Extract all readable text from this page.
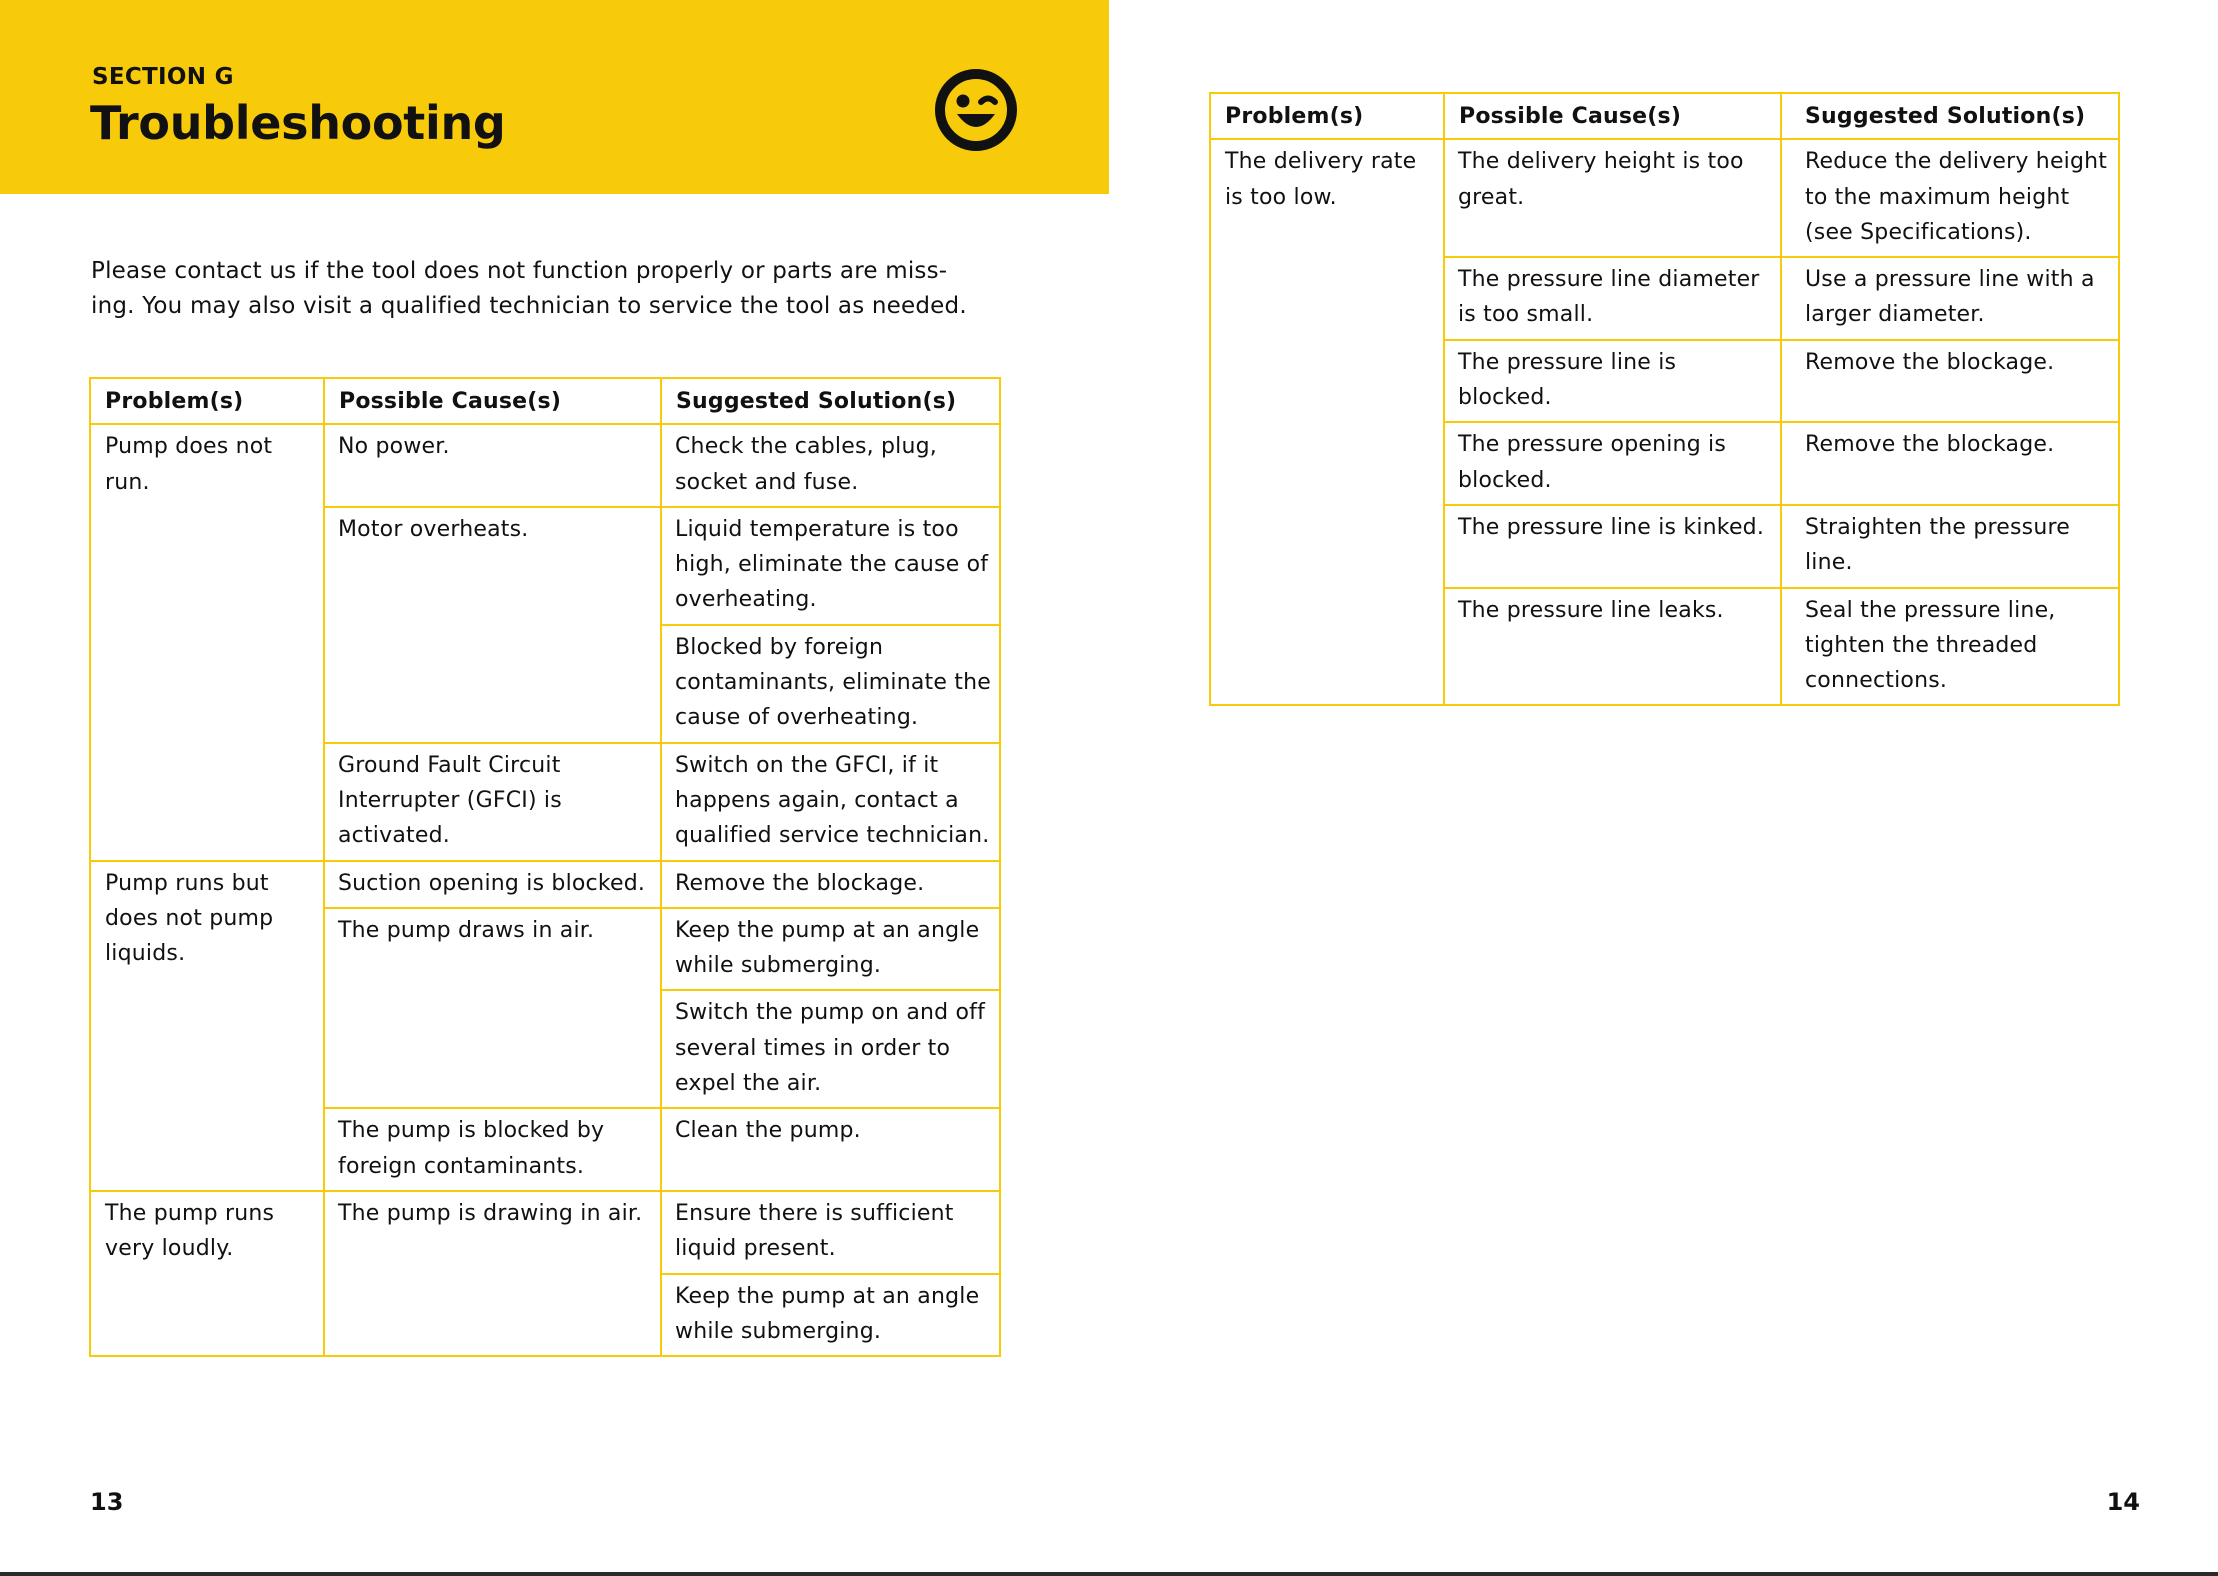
SECTION G
Troubleshooting
Please contact us if the tool does not function properly or parts are miss-
ing. You may also visit a qualified technician to service the tool as needed.
Problem(s)	Possible Cause(s)	Suggested Solution(s)
Pump does not run.	No power.	Check the cables, plug, socket and fuse.
	Motor overheats.	Liquid temperature is too high, eliminate the cause of overheating.
		Blocked by foreign contaminants, eliminate the cause of overheating.
	Ground Fault Circuit Interrupter (GFCI) is activated.	Switch on the GFCI, if it happens again, contact a qualified service technician.

Pump runs but does not pump liquids.	Suction opening is blocked.	Remove the blockage.
	The pump draws in air.	Keep the pump at an angle while submerging.
		Switch the pump on and off several times in order to expel the air.
	The pump is blocked by foreign contaminants.	Clean the pump.
The pump runs very loudly.	The pump is drawing in air.	Ensure there is sufficient liquid present.
		Keep the pump at an angle while submerging.
Problem(s)	Possible Cause(s)	Suggested Solution(s)
The delivery rate is too low.	The delivery height is too great.	Reduce the delivery height to the maximum height (see Specifications).
	The pressure line diameter is too small.	Use a pressure line with a larger diameter.
	The pressure line is blocked.	Remove the blockage.
	The pressure opening is blocked.	Remove the blockage.
	The pressure line is kinked.	Straighten the pressure line.
	The pressure line leaks.	Seal the pressure line, tighten the threaded connections.
13	14
